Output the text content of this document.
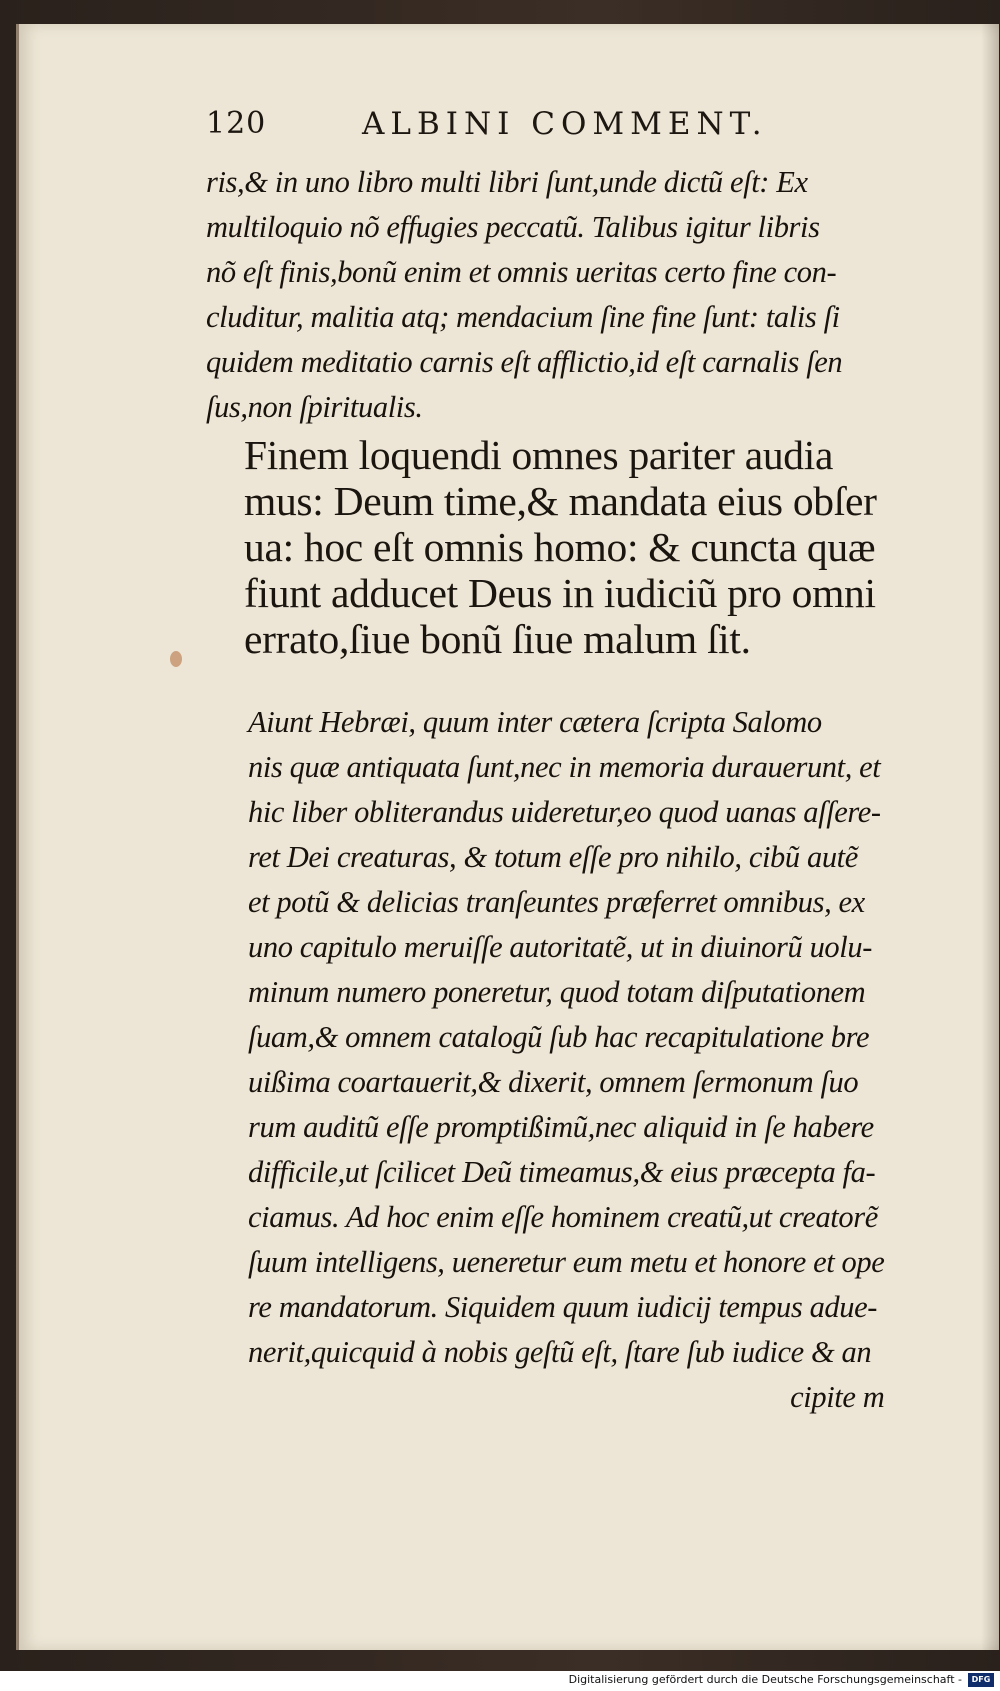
120	ALBINI COMMENT.
ris,& in uno libro multi libri ſunt,unde dictũ eſt: Ex
multiloquio nõ effugies peccatũ. Talibus igitur libris
nõ eſt finis,bonũ enim et omnis ueritas certo fine con-
cluditur, malitia atq; mendacium ſine fine ſunt: talis ſi
quidem meditatio carnis eſt afflictio,id eſt carnalis ſen
ſus,non ſpiritualis.
Finem loquendi omnes pariter audia
mus: Deum time,& mandata eius obſer
ua: hoc eſt omnis homo: & cuncta quæ
fiunt adducet Deus in iudiciũ pro omni
errato,ſiue bonũ ſiue malum ſit.
Aiunt Hebræi, quum inter cætera ſcripta Salomo
nis quæ antiquata ſunt,nec in memoria durauerunt, et
hic liber obliterandus uideretur,eo quod uanas aſſere-
ret Dei creaturas, & totum eſſe pro nihilo, cibũ autẽ
et potũ & delicias tranſeuntes præferret omnibus, ex
uno capitulo meruiſſe autoritatẽ, ut in diuinorũ uolu-
minum numero poneretur, quod totam diſputationem
ſuam,& omnem catalogũ ſub hac recapitulatione bre
uißima coartauerit,& dixerit, omnem ſermonum ſuo
rum auditũ eſſe promptißimũ,nec aliquid in ſe habere
difficile,ut ſcilicet Deũ timeamus,& eius præcepta fa-
ciamus. Ad hoc enim eſſe hominem creatũ,ut creatorẽ
ſuum intelligens, ueneretur eum metu et honore et ope
re mandatorum. Siquidem quum iudicij tempus adue-
nerit,quicquid à nobis geſtũ eſt, ſtare ſub iudice & an
cipite m
Digitalisierung gefördert durch die Deutsche Forschungsgemeinschaft -	DFG
